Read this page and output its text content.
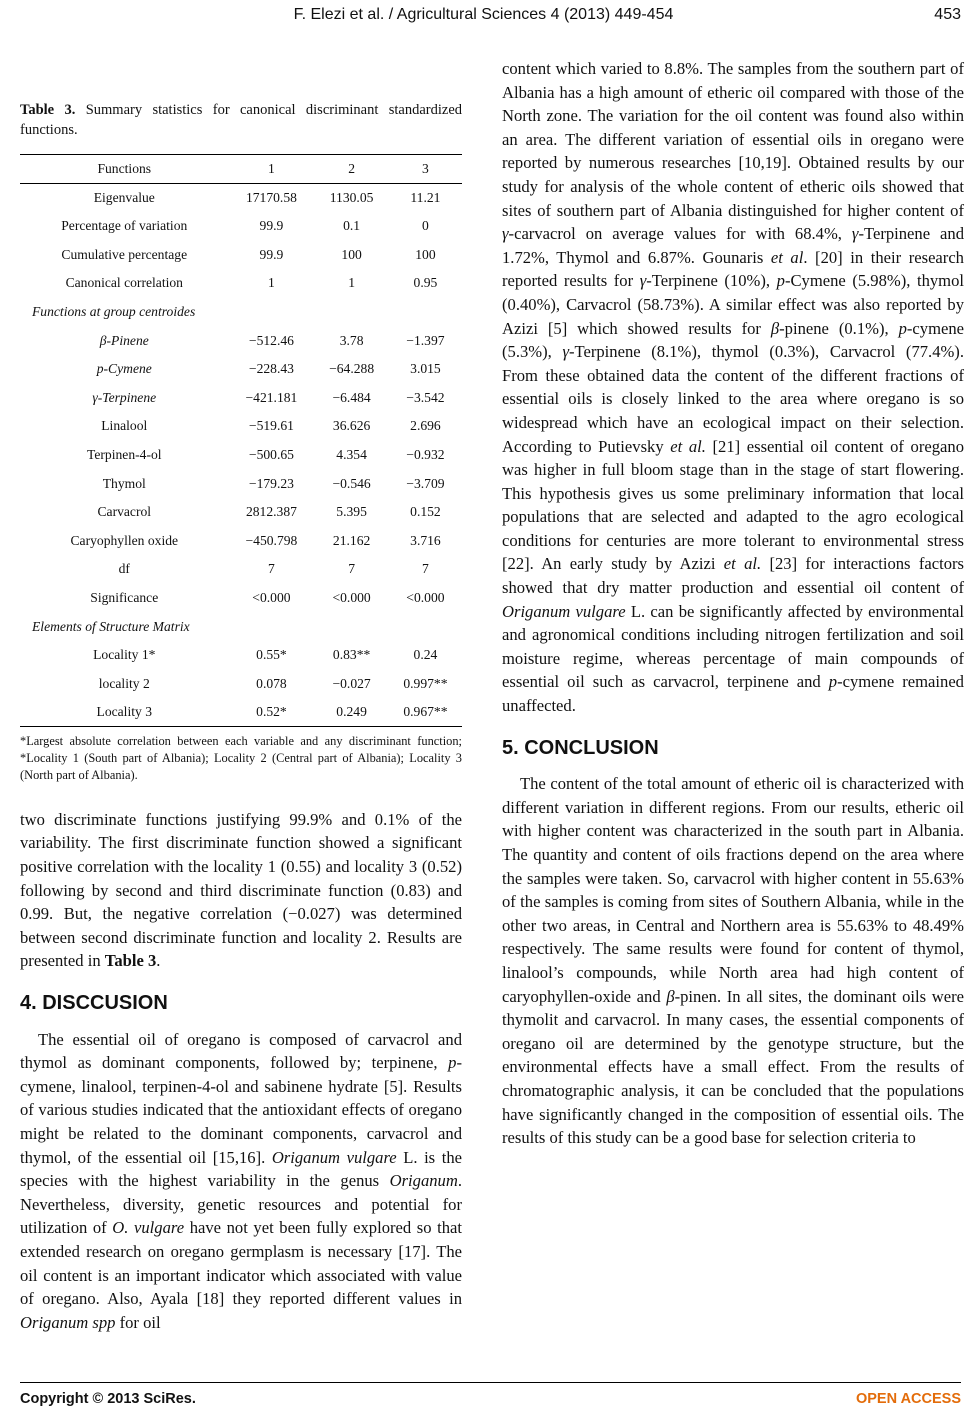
F. Elezi et al. / Agricultural Sciences 4 (2013) 449-454	453
Table 3. Summary statistics for canonical discriminant standardized functions.
Functions	1	2	3
Eigenvalue	17170.58	1130.05	11.21
Percentage of variation	99.9	0.1	0
Cumulative percentage	99.9	100	100
Canonical correlation	1	1	0.95
Functions at group centroides			
β-Pinene	−512.46	3.78	−1.397
p-Cymene	−228.43	−64.288	3.015
γ-Terpinene	−421.181	−6.484	−3.542
Linalool	−519.61	36.626	2.696
Terpinen-4-ol	−500.65	4.354	−0.932
Thymol	−179.23	−0.546	−3.709
Carvacrol	2812.387	5.395	0.152
Caryophyllen oxide	−450.798	21.162	3.716
df	7	7	7
Significance	<0.000	<0.000	<0.000
Elements of Structure Matrix			
Locality 1*	0.55*	0.83**	0.24
locality 2	0.078	−0.027	0.997**
Locality 3	0.52*	0.249	0.967**
*Largest absolute correlation between each variable and any discriminant function; *Locality 1 (South part of Albania); Locality 2 (Central part of Albania); Locality 3 (North part of Albania).

two discriminate functions justifying 99.9% and 0.1% of the variability. The first discriminate function showed a significant positive correlation with the locality 1 (0.55) and locality 3 (0.52) following by second and third discriminate function (0.83) and 0.99. But, the negative correlation (−0.027) was determined between second discriminate function and locality 2. Results are presented in Table 3.

4. DISCCUSION

The essential oil of oregano is composed of carvacrol and thymol as dominant components, followed by; terpinene, p-cymene, linalool, terpinen-4-ol and sabinene hydrate [5]. Results of various studies indicated that the antioxidant effects of oregano might be related to the dominant components, carvacrol and thymol, of the essential oil [15,16]. Origanum vulgare L. is the species with the highest variability in the genus Origanum. Nevertheless, diversity, genetic resources and potential for utilization of O. vulgare have not yet been fully explored so that extended research on oregano germplasm is necessary [17]. The oil content is an important indicator which associated with value of oregano. Also, Ayala [18] they reported different values in Origanum spp for oil

content which varied to 8.8%. The samples from the southern part of Albania has a high amount of etheric oil compared with those of the North zone. The variation for the oil content was found also within an area. The different variation of essential oils in oregano were reported by numerous researches [10,19]. Obtained results by our study for analysis of the whole content of etheric oils showed that sites of southern part of Albania distinguished for higher content of γ-carvacrol on average values for with 68.4%, γ-Terpinene and 1.72%, Thymol and 6.87%. Gounaris et al. [20] in their research reported results for γ-Terpinene (10%), p-Cymene (5.98%), thymol (0.40%), Carvacrol (58.73%). A similar effect was also reported by Azizi [5] which showed results for β-pinene (0.1%), p-cymene (5.3%), γ-Terpinene (8.1%), thymol (0.3%), Carvacrol (77.4%). From these obtained data the content of the different fractions of essential oils is closely linked to the area where oregano is so widespread which have an ecological impact on their selection. According to Putievsky et al. [21] essential oil content of oregano was higher in full bloom stage than in the stage of start flowering. This hypothesis gives us some preliminary information that local populations that are selected and adapted to the agro ecological conditions for centuries are more tolerant to environmental stress [22]. An early study by Azizi et al. [23] for interactions factors showed that dry matter production and essential oil content of Origanum vulgare L. can be significantly affected by environmental and agronomical conditions including nitrogen fertilization and soil moisture regime, whereas percentage of main compounds of essential oil such as carvacrol, terpinene and p-cymene remained unaffected.

5. CONCLUSION

The content of the total amount of etheric oil is characterized with different variation in different regions. From our results, etheric oil with higher content was characterized in the south part in Albania. The quantity and content of oils fractions depend on the area where the samples were taken. So, carvacrol with higher content in 55.63% of the samples is coming from sites of Southern Albania, while in the other two areas, in Central and Northern area is 55.63% to 48.49% respectively. The same results were found for content of thymol, linalool’s compounds, while North area had high content of caryophyllen-oxide and β-pinen. In all sites, the dominant oils were thymolit and carvacrol. In many cases, the essential components of oregano oil are determined by the genotype structure, but the environmental effects have a small effect. From the results of chromatographic analysis, it can be concluded that the populations have significantly changed in the composition of essential oils. The results of this study can be a good base for selection criteria to

Copyright © 2013 SciRes.	OPEN ACCESS
